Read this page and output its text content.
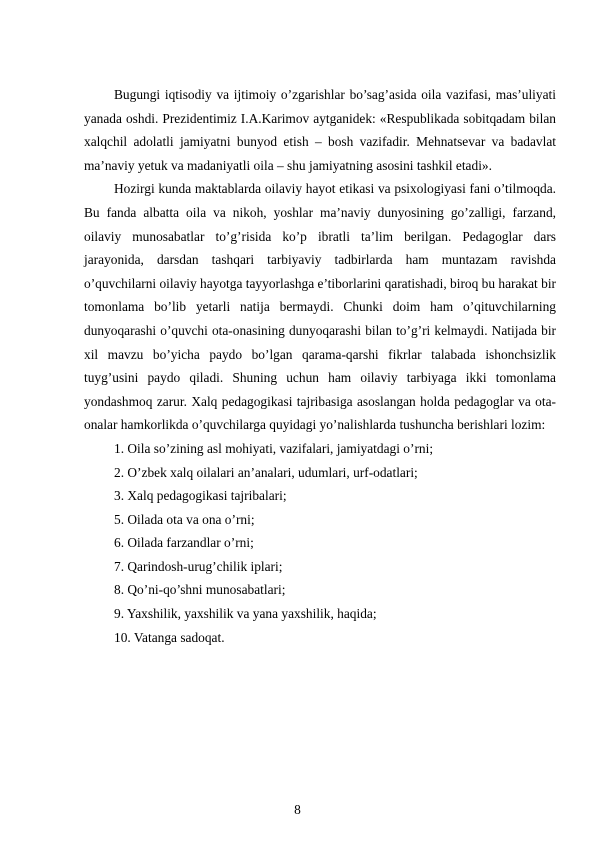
Bugungi iqtisodiy va ijtimoiy o’zgarishlar bo’sag’asida oila vazifasi, mas’uliyati yanada oshdi. Prezidentimiz I.A.Karimov aytganidek: «Respublikada sobitqadam bilan xalqchil adolatli jamiyatni bunyod etish – bosh vazifadir. Mehnatsevar va badavlat ma’naviy yetuk va madaniyatli oila – shu jamiyatning asosini tashkil etadi».

Hozirgi kunda maktablarda oilaviy hayot etikasi va psixologiyasi fani o’tilmoqda. Bu fanda albatta oila va nikoh, yoshlar ma’naviy dunyosining go’zalligi, farzand, oilaviy munosabatlar to’g’risida ko’p ibratli ta’lim berilgan. Pedagoglar dars jarayonida, darsdan tashqari tarbiyaviy tadbirlarda ham muntazam ravishda o’quvchilarni oilaviy hayotga tayyorlashga e’tiborlarini qaratishadi, biroq bu harakat bir tomonlama bo’lib yetarli natija bermaydi. Chunki doim ham o’qituvchilarning dunyoqarashi o’quvchi ota-onasining dunyoqarashi bilan to’g’ri kelmaydi. Natijada bir xil mavzu bo’yicha paydo bo’lgan qarama-qarshi fikrlar talabada ishonchsizlik tuyg’usini paydo qiladi. Shuning uchun ham oilaviy tarbiyaga ikki tomonlama yondashmoq zarur. Xalq pedagogikasi tajribasiga asoslangan holda pedagoglar va ota-onalar hamkorlikda o’quvchilarga quyidagi yo’nalishlarda tushuncha berishlari lozim:

1. Oila so’zining asl mohiyati, vazifalari, jamiyatdagi o’rni;
2. O’zbek xalq oilalari an’analari, udumlari, urf-odatlari;
3. Xalq pedagogikasi tajribalari;
5. Oilada ota va ona o’rni;
6. Oilada farzandlar o’rni;
7. Qarindosh-urug’chilik iplari;
8. Qo’ni-qo’shni munosabatlari;
9. Yaxshilik, yaxshilik va yana yaxshilik, haqida;
10. Vatanga sadoqat.
8
